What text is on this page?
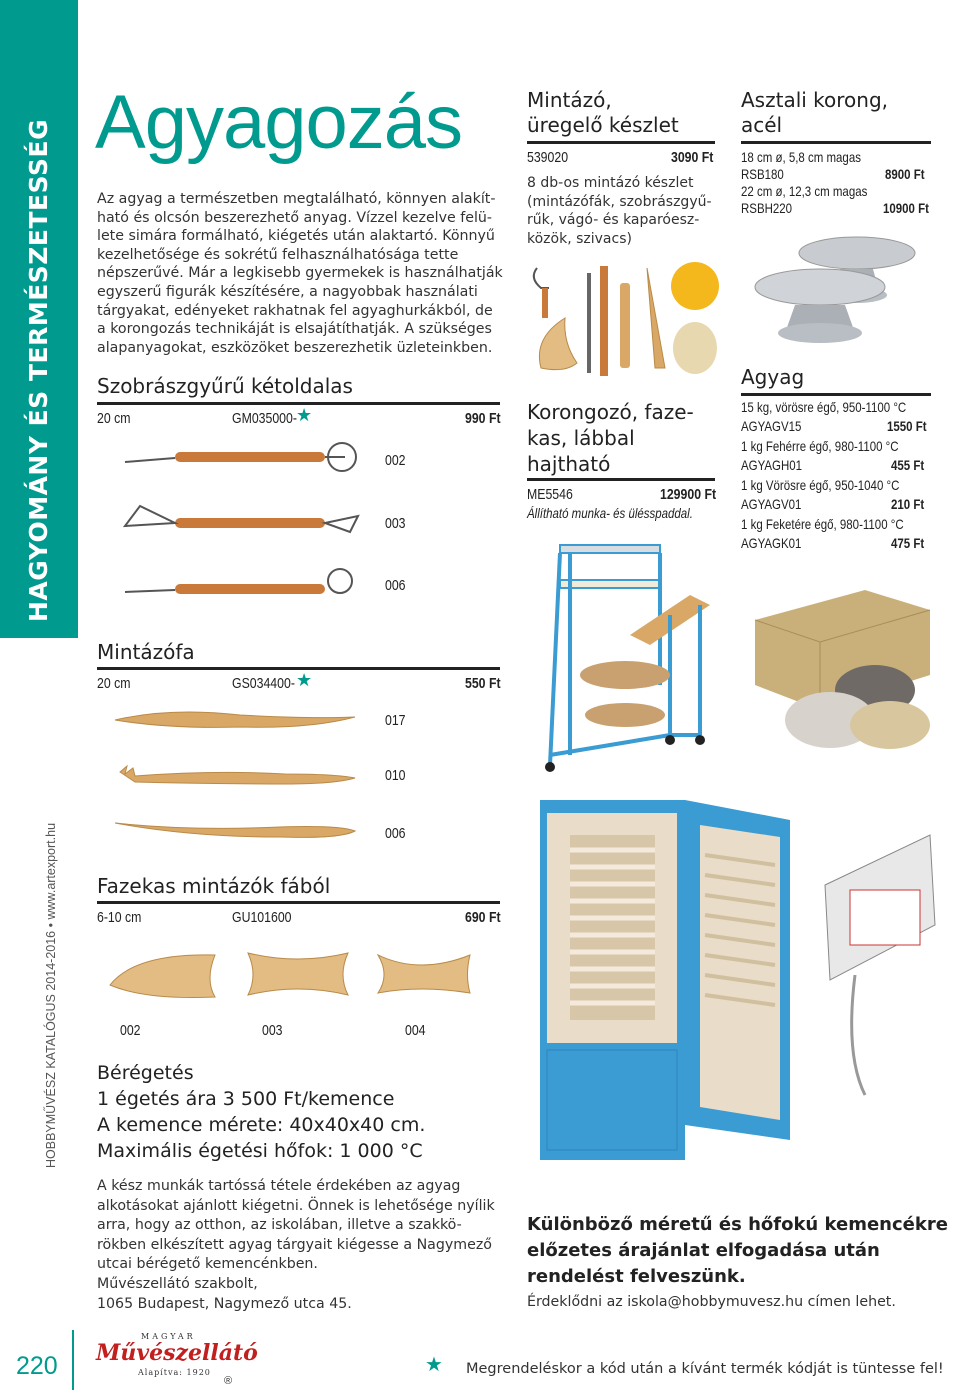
HAGYOMÁNY ÉS TERMÉSZETESSÉG
HOBBYMŰVÉSZ KATALÓGUS 2014-2016 • www.artexport.hu
220
Agyagozás
Az agyag a természetben megtalálható, könnyen alakít-
ható és olcsón beszerezhető anyag. Vízzel kezelve felü-
lete simára formálható, kiégetés után alaktartó. Könnyű
kezelhetősége és sokrétű felhasználhatósága tette
népszerűvé. Már a legkisebb gyermekek is használhatják
egyszerű figurák készítésére, a nagyobbak használati
tárgyakat, edényeket rakhatnak fel agyaghurkákból, de
a korongozás technikáját is elsajátíthatják. A szükséges
alapanyagokat, eszközöket beszerezhetik üzleteinkben.
Szobrászgyűrű kétoldalas
20 cm	GM035000- ★	990 Ft
002
003
006
Mintázófa
20 cm	GS034400- ★	550 Ft
017
010
006
Fazekas mintázók fából
6-10 cm	GU101600	690 Ft
002	003	004
Bérégetés
1 égetés ára 3 500 Ft/kemence
A kemence mérete: 40x40x40 cm.
Maximális égetési hőfok: 1 000 °C
A kész munkák tartóssá tétele érdekében az agyag
alkotásokat ajánlott kiégetni. Önnek is lehetősége nyílik
arra, hogy az otthon, az iskolában, illetve a szakkö-
rökben elkészített agyag tárgyait kiégesse a Nagymező
utcai bérégető kemencénkben.
Művészellátó szakbolt,
1065 Budapest, Nagymező utca 45.
Mintázó,
üregelő készlet
539020	3090 Ft
8 db-os mintázó készlet
(mintázófák, szobrászgyű-
rűk, vágó- és kaparóesz-
közök, szivacs)
Korongozó, faze-
kas, lábbal
hajtható
ME5546	129900 Ft
Állítható munka- és ülésspaddal.
Asztali korong,
acél
18 cm ø, 5,8 cm magas
RSB180	8900 Ft
22 cm ø, 12,3 cm magas
RSBH220	10900 Ft
Agyag
15 kg, vörösre égő, 950-1100 °C
AGYAGV15	1550 Ft
1 kg Fehérre égő, 980-1100 °C
AGYAGH01	455 Ft
1 kg Vörösre égő, 950-1040 °C
AGYAGV01	210 Ft
1 kg Feketére égő, 980-1100 °C
AGYAGK01	475 Ft
Különböző méretű és hőfokú kemencékre
előzetes árajánlat elfogadása után
rendelést felveszünk.
Érdeklődni az iskola@hobbymuvesz.hu címen lehet.
MAGYAR
Művészellátó
Alapítva: 1920
®
★ Megrendeléskor a kód után a kívánt termék kódját is tüntesse fel!
